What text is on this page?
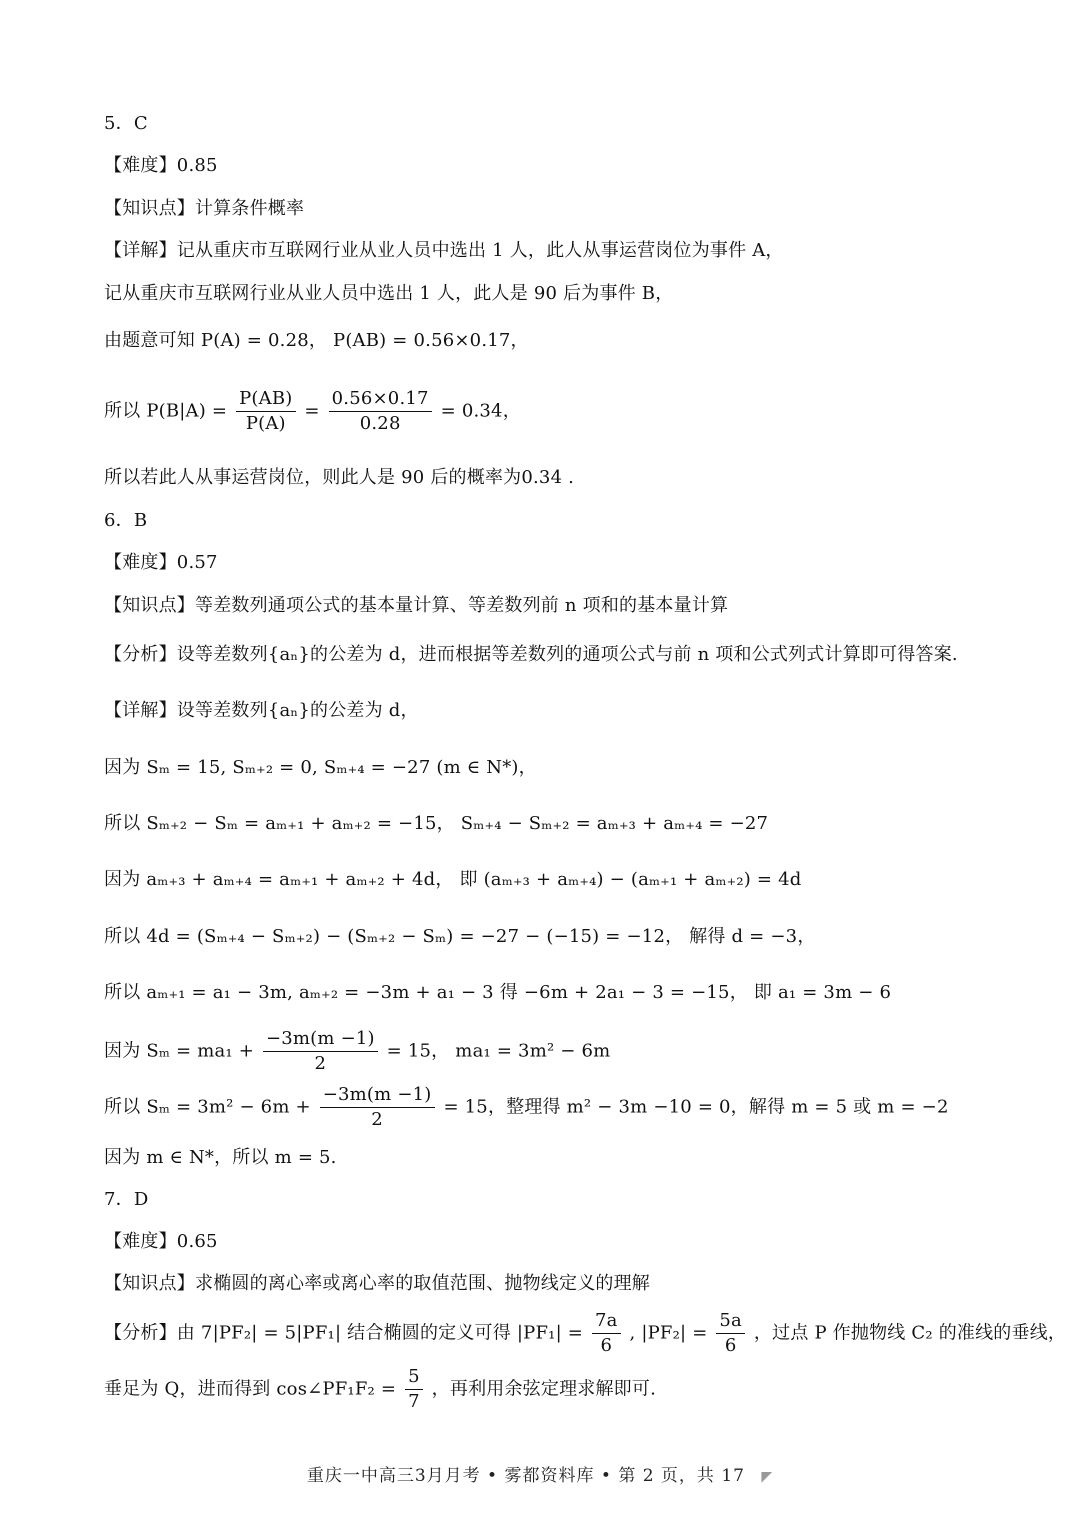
5．C
【难度】0.85
【知识点】计算条件概率
【详解】记从重庆市互联网行业从业人员中选出 1 人，此人从事运营岗位为事件 A，
记从重庆市互联网行业从业人员中选出 1 人，此人是 90 后为事件 B，
由题意可知 P(A) = 0.28， P(AB) = 0.56×0.17，
所以 $P(B|A) = \frac{P(AB)}{P(A)} = \frac{0.56\times 0.17}{0.28} = 0.34$，
所以若此人从事运营岗位，则此人是 90 后的概率为0.34 .
6．B
【难度】0.57
【知识点】等差数列通项公式的基本量计算、等差数列前 n 项和的基本量计算
【分析】设等差数列{aₙ}的公差为 d，进而根据等差数列的通项公式与前 n 项和公式列式计算即可得答案.
【详解】设等差数列{aₙ}的公差为 d，
因为 Sₘ = 15, Sₘ₊₂ = 0, Sₘ₊₄ = −27 (m ∈ N*)，
所以 Sₘ₊₂ − Sₘ = aₘ₊₁ + aₘ₊₂ = −15， Sₘ₊₄ − Sₘ₊₂ = aₘ₊₃ + aₘ₊₄ = −27
因为 aₘ₊₃ + aₘ₊₄ = aₘ₊₁ + aₘ₊₂ + 4d， 即 (aₘ₊₃ + aₘ₊₄) − (aₘ₊₁ + aₘ₊₂) = 4d
所以 4d = (Sₘ₊₄ − Sₘ₊₂) − (Sₘ₊₂ − Sₘ) = −27 − (−15) = −12， 解得 d = −3，
所以 aₘ₊₁ = a₁ − 3m, aₘ₊₂ = −3m + a₁ − 3 得 −6m + 2a₁ − 3 = −15， 即 a₁ = 3m − 6
因为 $S_m = ma_1 + \frac{-3m(m -1)}{2} = 15$， ma₁ = 3m² − 6m
所以 $S_m = 3m^2 - 6m + \frac{-3m(m -1)}{2} = 15$，整理得 m² − 3m −10 = 0，解得 m = 5 或 m = −2
因为 m ∈ N*，所以 m = 5.
7．D
【难度】0.65
【知识点】求椭圆的离心率或离心率的取值范围、抛物线定义的理解
【分析】由 7|PF₂| = 5|PF₁| 结合椭圆的定义可得 $|PF_1| = \frac{7a}{6}$ , $|PF_2| = \frac{5a}{6}$ ，过点 P 作抛物线 C₂ 的准线的垂线，
垂足为 Q，进而得到 cos∠PF₁F₂ = $\frac{5}{7}$ ，再利用余弦定理求解即可.
重庆一中高三3月月考 • 雾都资料库 • 第 2 页，共 17 ◤
